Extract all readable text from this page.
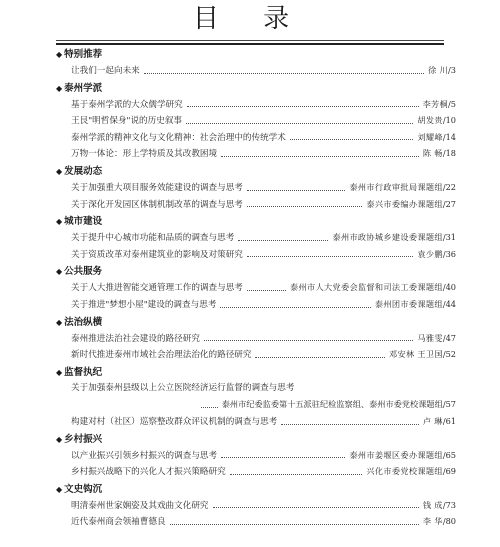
目 录
◆ 特别推荐
让我们一起向未来	徐 川 /3
◆ 泰州学派
基于泰州学派的大众儒学研究	李芳桐 /5
王艮"明哲保身"说的历史叙事	胡发贵 /10
泰州学派的精神文化与文化精神：社会治理中的传统学术	刘耀峰 /14
万物一体论：形上学特质及其改教困境	陈 畅 /18
◆ 发展动态
关于加强重大项目服务效能建设的调查与思考	泰州市行政审批局课题组 /22
关于深化开发园区体制机制改革的调查与思考	泰兴市委编办课题组 /27
◆ 城市建设
关于提升中心城市功能和品质的调查与思考	泰州市政协城乡建设委课题组 /31
关于资质改革对泰州建筑业的影响及对策研究	袁少鹏 /36
◆ 公共服务
关于人大推进智能交通管理工作的调查与思考	泰州市人大党委会监督和司法工委课题组 /40
关于推进"梦想小屋"建设的调查与思考	泰州团市委课题组 /44
◆ 法治纵横
泰州推进法治社会建设的路径研究	马雅雯 /47
新时代推进泰州市域社会治理法治化的路径研究	邓安林 王卫国 /52
◆ 监督执纪
关于加强泰州县级以上公立医院经济运行监督的调查与思考
泰州市纪委监委第十五派驻纪检监察组、泰州市委党校课题组 /57
构建对村（社区）巡察整改群众评议机制的调查与思考	卢 琳 /61
◆ 乡村振兴
以产业振兴引领乡村振兴的调查与思考	泰州市姜堰区委办课题组 /65
乡村振兴战略下的兴化人才振兴策略研究	兴化市委党校课题组 /69
◆ 文史钩沉
明清泰州世家娴姿及其戏曲文化研究	钱 成 /73
近代泰州商会领袖曹德良	李 华 /80
